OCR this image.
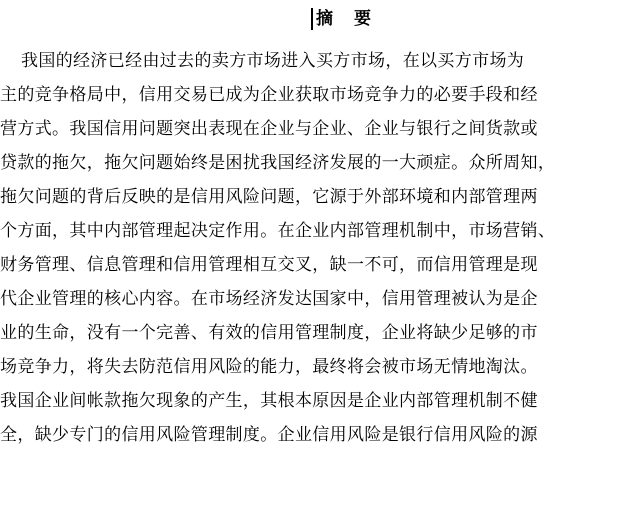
摘要
我国的经济已经由过去的卖方市场进入买方市场，在以买方市场为
主的竞争格局中，信用交易已成为企业获取市场竞争力的必要手段和经
营方式。我国信用问题突出表现在企业与企业、企业与银行之间货款或
贷款的拖欠，拖欠问题始终是困扰我国经济发展的一大顽症。众所周知，
拖欠问题的背后反映的是信用风险问题，它源于外部环境和内部管理两
个方面，其中内部管理起决定作用。在企业内部管理机制中，市场营销、
财务管理、信息管理和信用管理相互交叉，缺一不可，而信用管理是现
代企业管理的核心内容。在市场经济发达国家中，信用管理被认为是企
业的生命，没有一个完善、有效的信用管理制度，企业将缺少足够的市
场竞争力，将失去防范信用风险的能力，最终将会被市场无情地淘汰。
我国企业间帐款拖欠现象的产生，其根本原因是企业内部管理机制不健
全，缺少专门的信用风险管理制度。企业信用风险是银行信用风险的源
